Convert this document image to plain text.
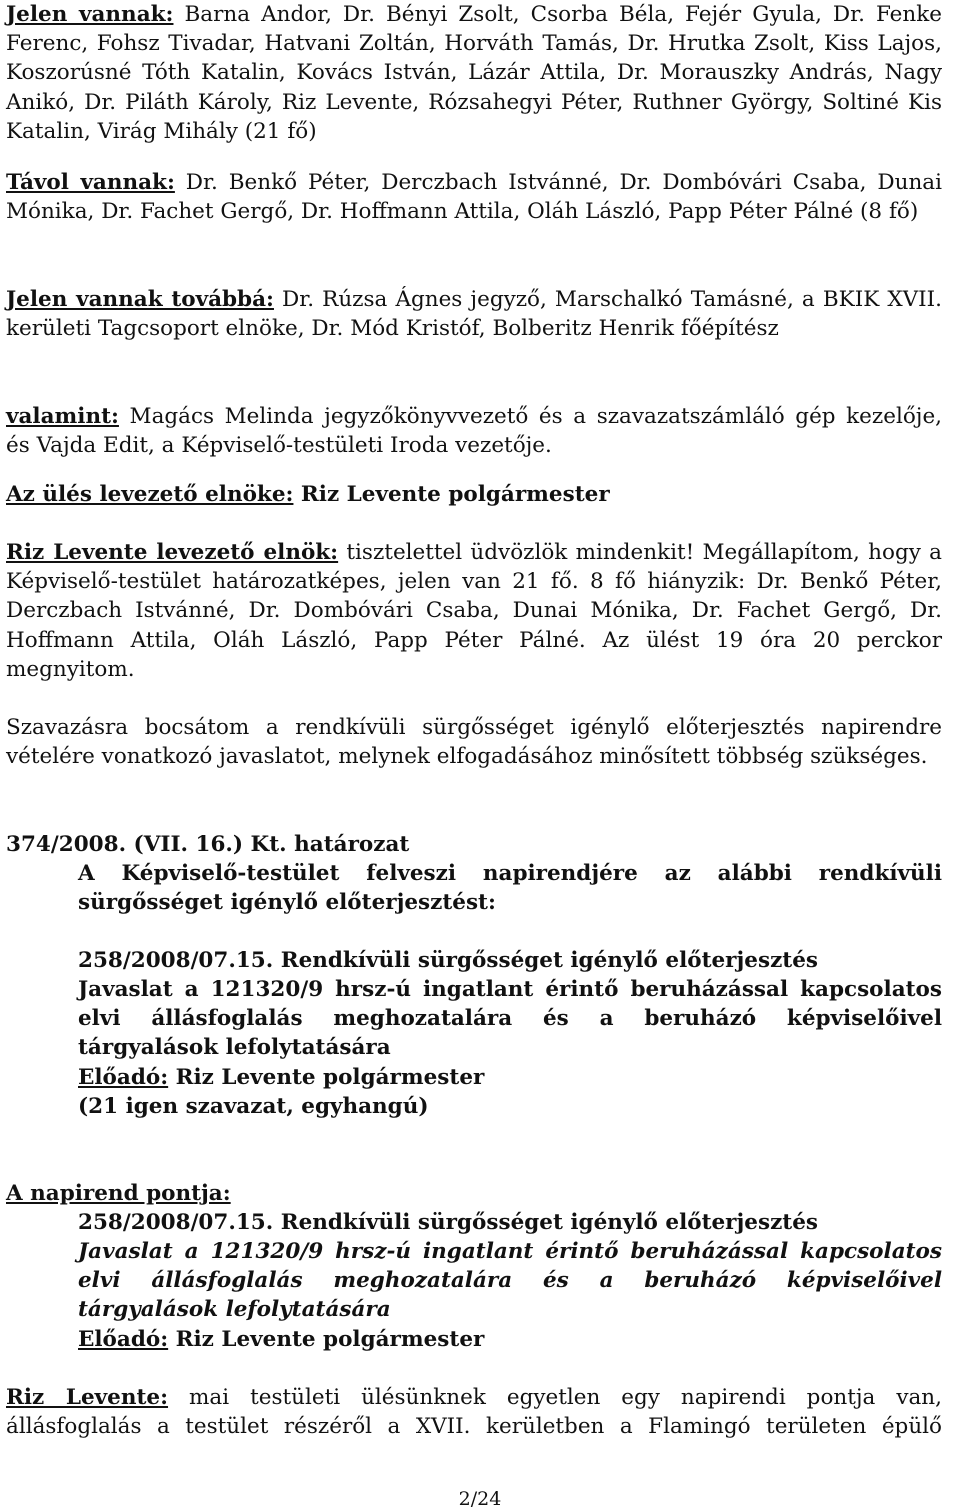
Jelen vannak: Barna Andor, Dr. Bényi Zsolt, Csorba Béla, Fejér Gyula, Dr. Fenke Ferenc, Fohsz Tivadar, Hatvani Zoltán, Horváth Tamás, Dr. Hrutka Zsolt, Kiss Lajos, Koszorúsné Tóth Katalin, Kovács István, Lázár Attila, Dr. Morauszky András, Nagy Anikó, Dr. Piláth Károly, Riz Levente, Rózsahegyi Péter, Ruthner György, Soltiné Kis Katalin, Virág Mihály (21 fő)

Távol vannak: Dr. Benkő Péter, Derczbach Istvánné, Dr. Dombóvári Csaba, Dunai Mónika, Dr. Fachet Gergő, Dr. Hoffmann Attila, Oláh László, Papp Péter Pálné (8 fő)

Jelen vannak továbbá: Dr. Rúzsa Ágnes jegyző, Marschalkó Tamásné, a BKIK XVII. kerületi Tagcsoport elnöke, Dr. Mód Kristóf, Bolberitz Henrik főépítész

valamint: Magács Melinda jegyzőkönyvvezető és a szavazatszámláló gép kezelője, és Vajda Edit, a Képviselő-testületi Iroda vezetője.

Az ülés levezető elnöke: Riz Levente polgármester

Riz Levente levezető elnök: tisztelettel üdvözlök mindenkit! Megállapítom, hogy a Képviselő-testület határozatképes, jelen van 21 fő. 8 fő hiányzik: Dr. Benkő Péter, Derczbach Istvánné, Dr. Dombóvári Csaba, Dunai Mónika, Dr. Fachet Gergő, Dr. Hoffmann Attila, Oláh László, Papp Péter Pálné. Az ülést 19 óra 20 perckor megnyitom.

Szavazásra bocsátom a rendkívüli sürgősséget igénylő előterjesztés napirendre vételére vonatkozó javaslatot, melynek elfogadásához minősített többség szükséges.

374/2008. (VII. 16.) Kt. határozat

A Képviselő-testület felveszi napirendjére az alábbi rendkívüli sürgősséget igénylő előterjesztést:

258/2008/07.15. Rendkívüli sürgősséget igénylő előterjesztés

Javaslat a 121320/9 hrsz-ú ingatlant érintő beruházással kapcsolatos elvi állásfoglalás meghozatalára és a beruházó képviselőivel tárgyalások lefolytatására

Előadó: Riz Levente polgármester

(21 igen szavazat, egyhangú)

A napirend pontja:

258/2008/07.15. Rendkívüli sürgősséget igénylő előterjesztés

Javaslat a 121320/9 hrsz-ú ingatlant érintő beruházással kapcsolatos elvi állásfoglalás meghozatalára és a beruházó képviselőivel tárgyalások lefolytatására

Előadó: Riz Levente polgármester

Riz Levente: mai testületi ülésünknek egyetlen egy napirendi pontja van, állásfoglalás a testület részéről a XVII. kerületben a Flamingó területen épülő

2/24
